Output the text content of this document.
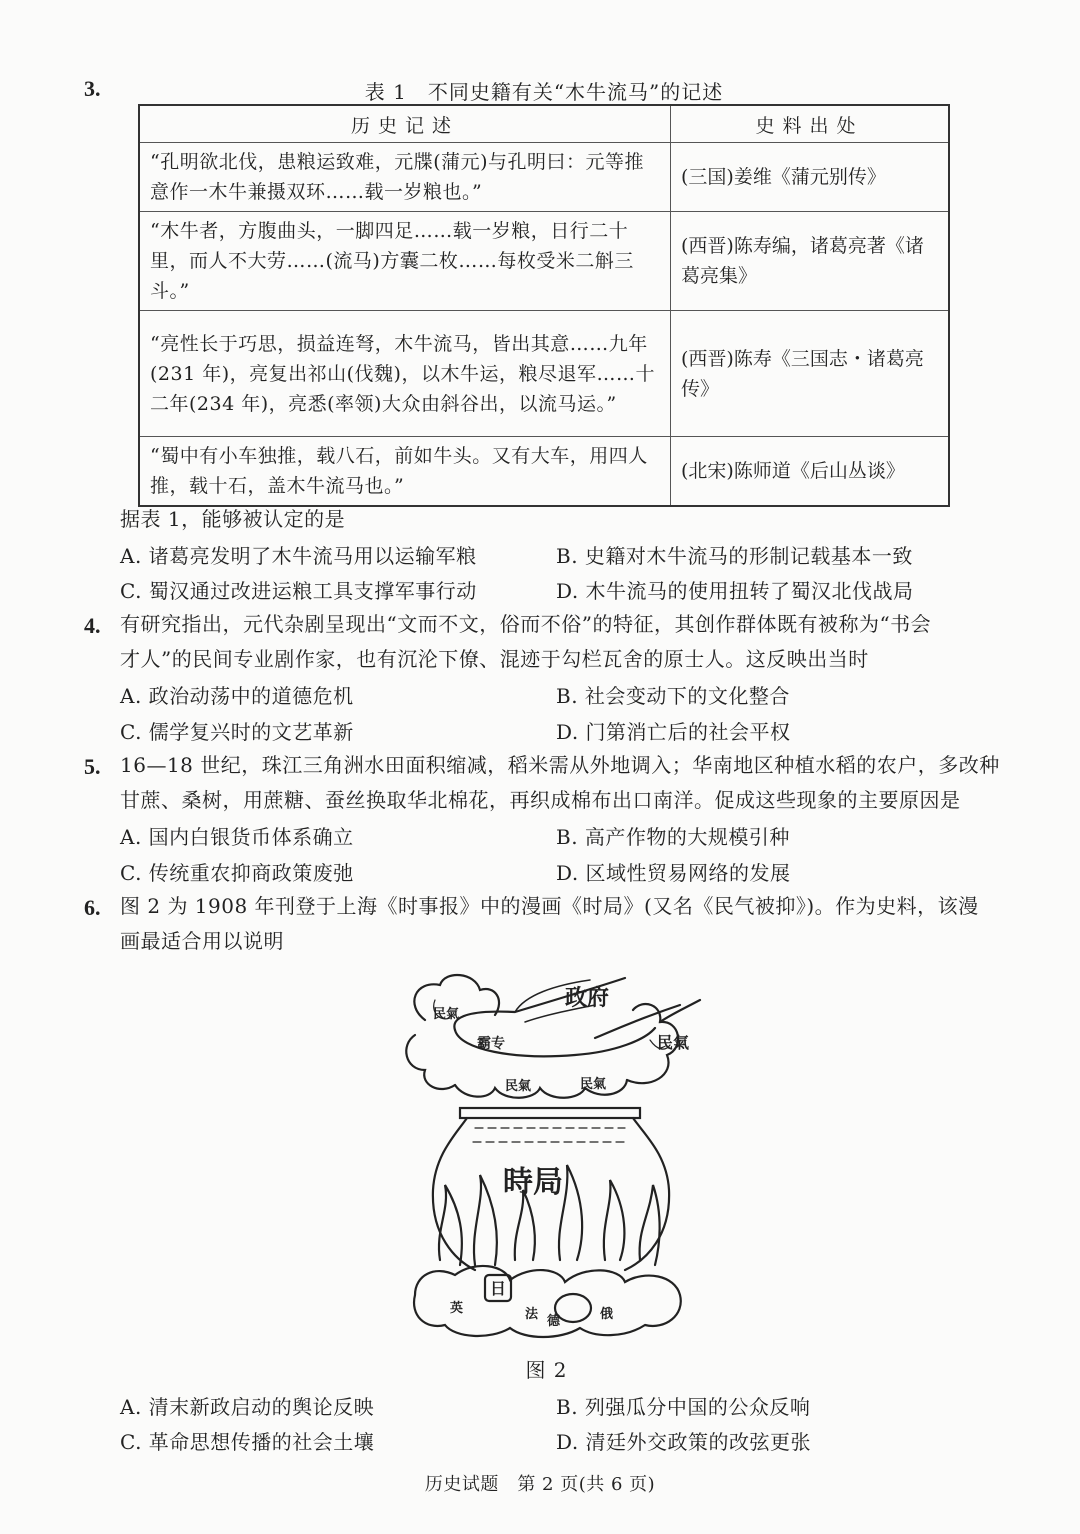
3.	表 1　不同史籍有关“木牛流马”的记述
历史记述	史料出处
“孔明欲北伐，患粮运致难，元牒(蒲元)与孔明曰：元等推意作一木牛兼摄双环……载一岁粮也。”	(三国)姜维《蒲元别传》
“木牛者，方腹曲头，一脚四足……载一岁粮，日行二十里，而人不大劳……(流马)方囊二枚……每枚受米二斛三斗。”	(西晋)陈寿编，诸葛亮著《诸葛亮集》
“亮性长于巧思，损益连弩，木牛流马，皆出其意……九年(231 年)，亮复出祁山(伐魏)，以木牛运，粮尽退军……十二年(234 年)，亮悉(率领)大众由斜谷出，以流马运。”	(西晋)陈寿《三国志・诸葛亮传》
“蜀中有小车独推，载八石，前如牛头。又有大车，用四人推，载十石，盖木牛流马也。”	(北宋)陈师道《后山丛谈》
据表 1，能够被认定的是
A. 诸葛亮发明了木牛流马用以运输军粮	B. 史籍对木牛流马的形制记载基本一致
C. 蜀汉通过改进运粮工具支撑军事行动	D. 木牛流马的使用扭转了蜀汉北伐战局
4. 有研究指出，元代杂剧呈现出“文而不文，俗而不俗”的特征，其创作群体既有被称为“书会
才人”的民间专业剧作家，也有沉沦下僚、混迹于勾栏瓦舍的原士人。这反映出当时
A. 政治动荡中的道德危机	B. 社会变动下的文化整合
C. 儒学复兴时的文艺革新	D. 门第消亡后的社会平权
5. 16—18 世纪，珠江三角洲水田面积缩减，稻米需从外地调入；华南地区种植水稻的农户，多改种
甘蔗、桑树，用蔗糖、蚕丝换取华北棉花，再织成棉布出口南洋。促成这些现象的主要原因是
A. 国内白银货币体系确立	B. 高产作物的大规模引种
C. 传统重农抑商政策废弛	D. 区域性贸易网络的发展
6. 图 2 为 1908 年刊登于上海《时事报》中的漫画《时局》(又名《民气被抑》)。作为史料，该漫
画最适合用以说明
政府
霸专
民氣
民氣
民氣	民氣
時局
日
法 德	俄
英
图 2
A. 清末新政启动的舆论反映	B. 列强瓜分中国的公众反响
C. 革命思想传播的社会土壤	D. 清廷外交政策的改弦更张
历史试题　第 2 页(共 6 页)
